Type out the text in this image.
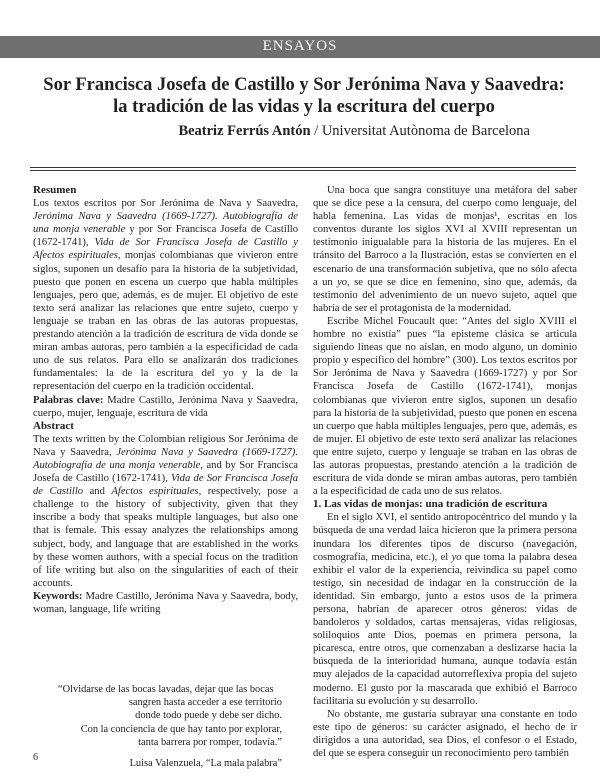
ENSAYOS
Sor Francisca Josefa de Castillo y Sor Jerónima Nava y Saavedra:
la tradición de las vidas y la escritura del cuerpo
Beatriz Ferrús Antón / Universitat Autònoma de Barcelona

Resumen

Los textos escritos por Sor Jerónima de Nava y Saavedra, Jerónima Nava y Saavedra (1669-1727). Autobiografía de una monja venerable y por Sor Francisca Josefa de Castillo (1672-1741), Vida de Sor Francisca Josefa de Castillo y Afectos espirituales, monjas colombianas que vivieron entre siglos, suponen un desafío para la historia de la subjetividad, puesto que ponen en escena un cuerpo que habla múltiples lenguajes, pero que, además, es de mujer. El objetivo de este texto será analizar las relaciones que entre sujeto, cuerpo y lenguaje se traban en las obras de las autoras propuestas, prestando atención a la tradición de escritura de vida donde se miran ambas autoras, pero también a la especificidad de cada uno de sus relatos. Para ello se analizarán dos tradiciones fundamentales: la de la escritura del yo y la de la representación del cuerpo en la tradición occidental.

Palabras clave: Madre Castillo, Jerónima Nava y Saavedra, cuerpo, mujer, lenguaje, escritura de vida

Abstract

The texts written by the Colombian religious Sor Jerónima de Nava y Saavedra, Jerónima Nava y Saavedra (1669-1727). Autobiografía de una monja venerable, and by Sor Francisca Josefa de Castillo (1672-1741), Vida de Sor Francisca Josefa de Castillo and Afectos espirituales, respectively, pose a challenge to the history of subjectivity, given that they inscribe a body that speaks multiple languages, but also one that is female. This essay analyzes the relationships among subject, body, and language that are established in the works by these women authors, with a special focus on the tradition of life writing but also on the singularities of each of their accounts.

Keywords: Madre Castillo, Jerónima Nava y Saavedra, body, woman, language, life writing

“Olvidarse de las bocas lavadas, dejar que las bocas
sangren hasta acceder a ese territorio
donde todo puede y debe ser dicho.
Con la conciencia de que hay tanto por explorar,
tanta barrera por romper, todavía.”
Luisa Valenzuela, “La mala palabra”

Una boca que sangra constituye una metáfora del saber que se dice pese a la censura, del cuerpo como lenguaje, del habla femenina. Las vidas de monjas¹, escritas en los conventos durante los siglos XVI al XVIII representan un testimonio inigualable para la historia de las mujeres. En el tránsito del Barroco a la Ilustración, estas se convierten en el escenario de una transformación subjetiva, que no sólo afecta a un yo, se que se dice en femenino, sino que, además, da testimonio del advenimiento de un nuevo sujeto, aquel que habría de ser el protagonista de la modernidad.

Escribe Michel Foucault que: “Antes del siglo XVIII el hombre no existía” pues “la episteme clásica se articula siguiendo líneas que no aíslan, en modo alguno, un dominio propio y específico del hombre” (300). Los textos escritos por Sor Jerónima de Nava y Saavedra (1669-1727) y por Sor Francisca Josefa de Castillo (1672-1741), monjas colombianas que vivieron entre siglos, suponen un desafío para la historia de la subjetividad, puesto que ponen en escena un cuerpo que habla múltiples lenguajes, pero que, además, es de mujer. El objetivo de este texto será analizar las relaciones que entre sujeto, cuerpo y lenguaje se traban en las obras de las autoras propuestas, prestando atención a la tradición de escritura de vida donde se miran ambas autoras, pero también a la especificidad de cada uno de sus relatos.

1. Las vidas de monjas: una tradición de escritura

En el siglo XVI, el sentido antropocéntrico del mundo y la búsqueda de una verdad laica hicieron que la primera persona inundara los diferentes tipos de discurso (navegación, cosmografía, medicina, etc.), el yo que toma la palabra desea exhibir el valor de la experiencia, reivindica su papel como testigo, sin necesidad de indagar en la construcción de la identidad. Sin embargo, junto a estos usos de la primera persona, habrían de aparecer otros géneros: vidas de bandoleros y soldados, cartas mensajeras, vidas religiosas, soliloquios ante Dios, poemas en primera persona, la picaresca, entre otros, que comenzaban a deslizarse hacia la búsqueda de la interioridad humana, aunque todavía están muy alejados de la capacidad autorreflexiva propia del sujeto moderno. El gusto por la mascarada que exhibió el Barroco facilitaría su evolución y su desarrollo.

No obstante, me gustaría subrayar una constante en todo este tipo de géneros: su carácter asignado, el hecho de ir dirigidos a una autoridad, sea Dios, el confesor o el Estado, del que se espera conseguir un reconocimiento pero también

6
